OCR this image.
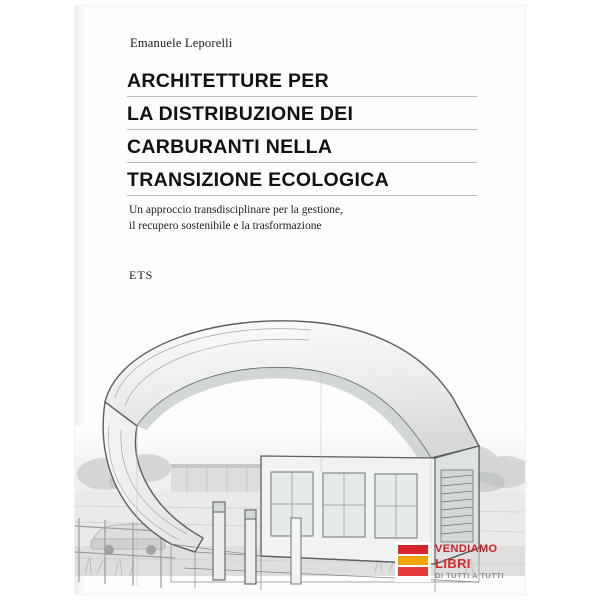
Emanuele Leporelli
ARCHITETTURE PER
LA DISTRIBUZIONE DEI
CARBURANTI NELLA
TRANSIZIONE ECOLOGICA
Un approccio transdisciplinare per la gestione,
il recupero sostenibile e la trasformazione
ETS
VENDIAMO
LIBRI
DI TUTTI A TUTTI
